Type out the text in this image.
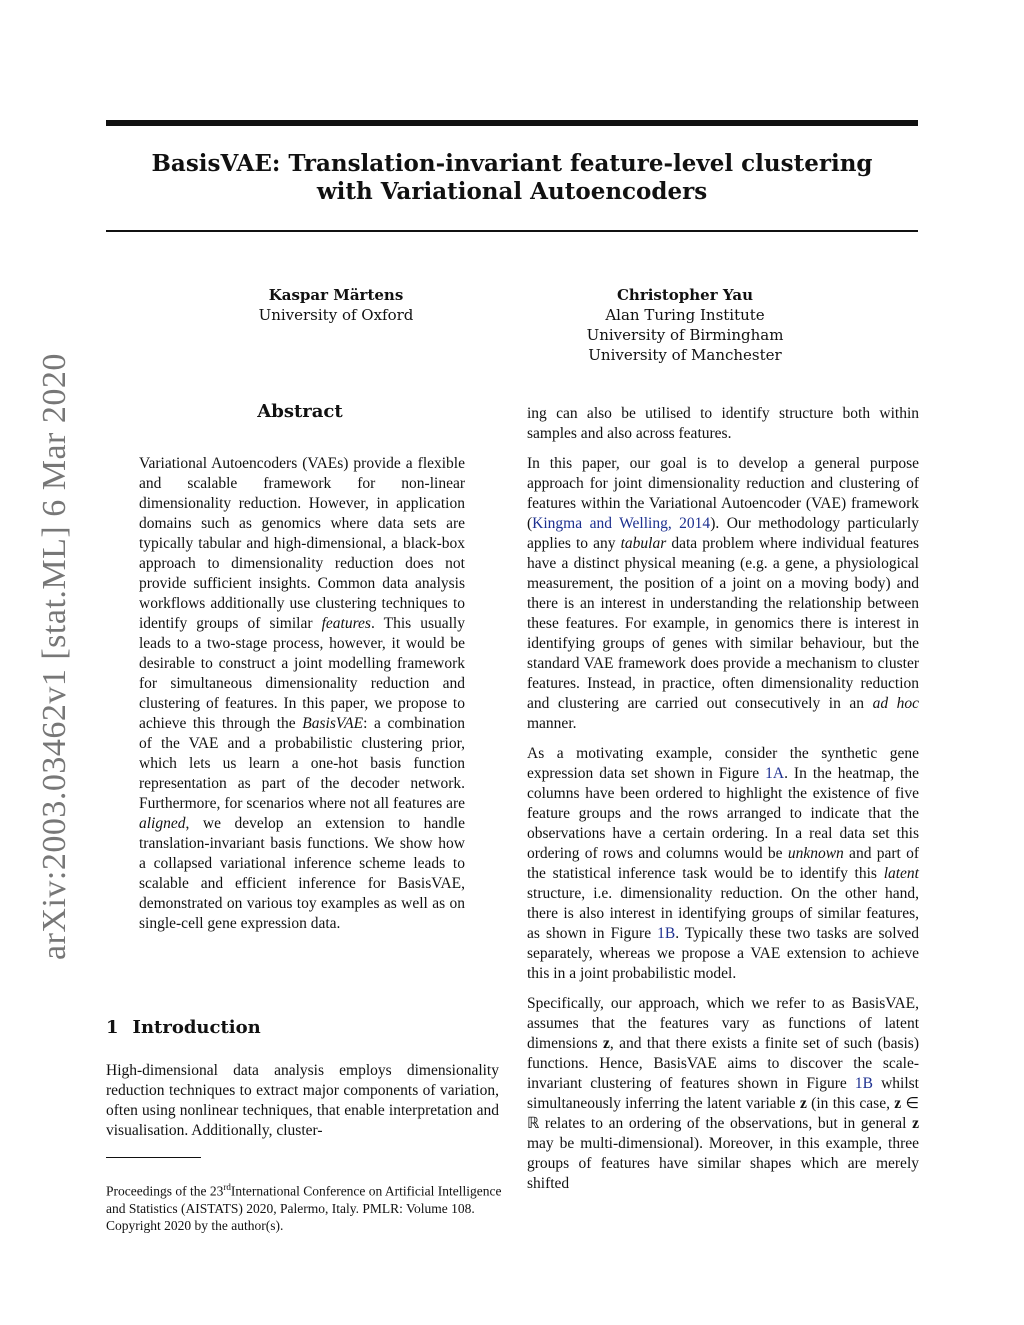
arXiv:2003.03462v1 [stat.ML] 6 Mar 2020
BasisVAE: Translation-invariant feature-level clustering
with Variational Autoencoders
Kaspar Märtens
University of Oxford
Christopher Yau
Alan Turing Institute
University of Birmingham
University of Manchester
Abstract
Variational Autoencoders (VAEs) provide a flexible and scalable framework for non-linear dimensionality reduction. However, in application domains such as genomics where data sets are typically tabular and high-dimensional, a black-box approach to dimensionality reduction does not provide sufficient insights. Common data analysis workflows additionally use clustering techniques to identify groups of similar features. This usually leads to a two-stage process, however, it would be desirable to construct a joint modelling framework for simultaneous dimensionality reduction and clustering of features. In this paper, we propose to achieve this through the BasisVAE: a combination of the VAE and a probabilistic clustering prior, which lets us learn a one-hot basis function representation as part of the decoder network. Furthermore, for scenarios where not all features are aligned, we develop an extension to handle translation-invariant basis functions. We show how a collapsed variational inference scheme leads to scalable and efficient inference for BasisVAE, demonstrated on various toy examples as well as on single-cell gene expression data.
1 Introduction
High-dimensional data analysis employs dimensionality reduction techniques to extract major components of variation, often using nonlinear techniques, that enable interpretation and visualisation. Additionally, cluster-
Proceedings of the 23rdInternational Conference on Artificial Intelligence and Statistics (AISTATS) 2020, Palermo, Italy. PMLR: Volume 108. Copyright 2020 by the author(s).

ing can also be utilised to identify structure both within samples and also across features.

In this paper, our goal is to develop a general purpose approach for joint dimensionality reduction and clustering of features within the Variational Autoencoder (VAE) framework (Kingma and Welling, 2014). Our methodology particularly applies to any tabular data problem where individual features have a distinct physical meaning (e.g. a gene, a physiological measurement, the position of a joint on a moving body) and there is an interest in understanding the relationship between these features. For example, in genomics there is interest in identifying groups of genes with similar behaviour, but the standard VAE framework does provide a mechanism to cluster features. Instead, in practice, often dimensionality reduction and clustering are carried out consecutively in an ad hoc manner.

As a motivating example, consider the synthetic gene expression data set shown in Figure 1A. In the heatmap, the columns have been ordered to highlight the existence of five feature groups and the rows arranged to indicate that the observations have a certain ordering. In a real data set this ordering of rows and columns would be unknown and part of the statistical inference task would be to identify this latent structure, i.e. dimensionality reduction. On the other hand, there is also interest in identifying groups of similar features, as shown in Figure 1B. Typically these two tasks are solved separately, whereas we propose a VAE extension to achieve this in a joint probabilistic model.

Specifically, our approach, which we refer to as BasisVAE, assumes that the features vary as functions of latent dimensions z, and that there exists a finite set of such (basis) functions. Hence, BasisVAE aims to discover the scale-invariant clustering of features shown in Figure 1B whilst simultaneously inferring the latent variable z (in this case, z ∈ ℝ relates to an ordering of the observations, but in general z may be multi-dimensional). Moreover, in this example, three groups of features have similar shapes which are merely shifted
